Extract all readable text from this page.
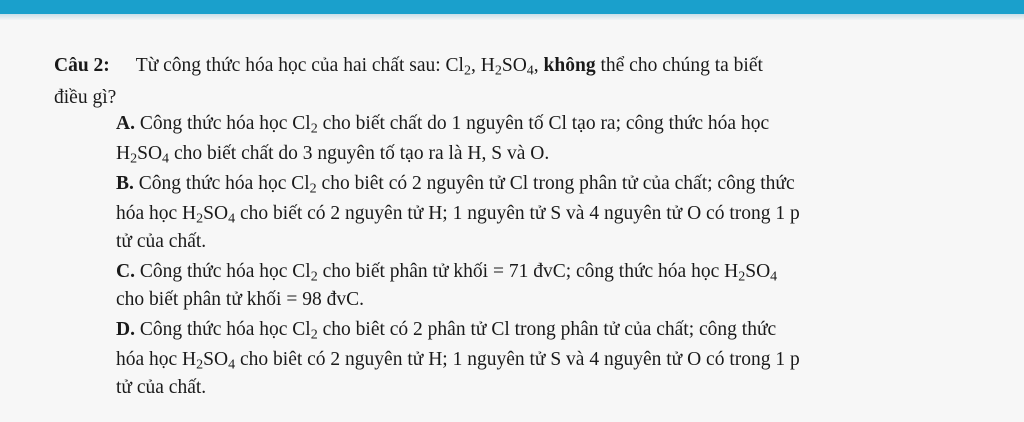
Câu 2: Từ công thức hóa học của hai chất sau: $Cl_2$, $H_2SO_4$, không thể cho chúng ta biết
điều gì?
A. Công thức hóa học $Cl_2$ cho biết chất do 1 nguyên tố Cl tạo ra; công thức hóa học
$H_2SO_4$ cho biết chất do 3 nguyên tố tạo ra là H, S và O.
B. Công thức hóa học $Cl_2$ cho biêt có 2 nguyên tử Cl trong phân tử của chất; công thức
hóa học $H_2SO_4$ cho biết có 2 nguyên tử H; 1 nguyên tử S và 4 nguyên tử O có trong 1 p
tử của chất.
C. Công thức hóa học $Cl_2$ cho biết phân tử khối = 71 đvC; công thức hóa học $H_2SO_4$
cho biết phân tử khối = 98 đvC.
D. Công thức hóa học $Cl_2$ cho biêt có 2 phân tử Cl trong phân tử của chất; công thức
hóa học $H_2SO_4$ cho biêt có 2 nguyên tử H; 1 nguyên tử S và 4 nguyên tử O có trong 1 p
tử của chất.
